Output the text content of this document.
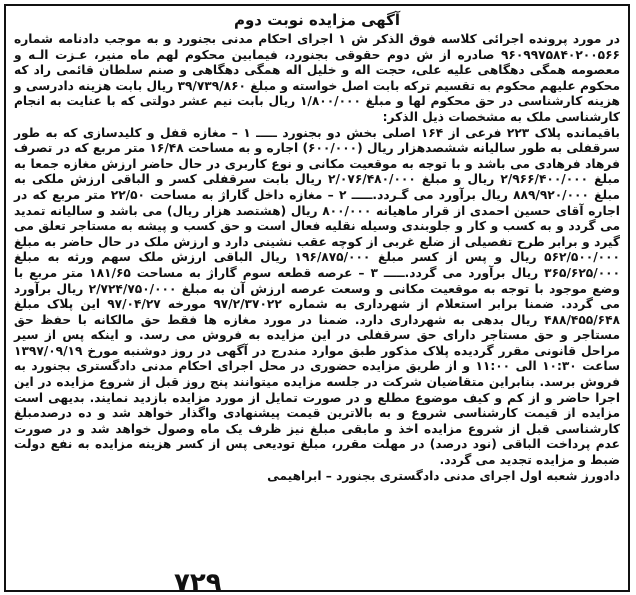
آگهی مزایده نوبت دوم

در مورد پرونده اجرائی کلاسه فوق الذکر ش ۱ اجرای احکام مدنی بجنورد و به موجب دادنامه شماره ۹۶۰۹۹۷۵۸۴۰۲۰۰۵۶۶ صادره از ش دوم حقوقی بجنورد، فیمابین محکوم لهم ماه منیر، عـزت الـه و معصومه همگی دهگاهی علیه علی، حجت اله و خلیل اله همگی دهگاهی و صنم سلطان قائمی راد که محکوم علیهم محکوم به تقسیم ترکه بابت اصل خواسته و مبلغ ۳۹/۷۳۹/۸۶۰ ریال بابت هزینه دادرسی و هزینه کارشناسی در حق محکوم لها و مبلغ ۱/۸۰۰/۰۰۰ ریال بابت نیم عشر دولتی که با عنایت به انجام کارشناسی ملک به مشخصات ذیل الذکر:

باقیمانده پلاک ۲۲۳ فرعی از ۱۶۴ اصلی بخش دو بجنورد ـــــ ۱ – مغازه قفل و کلیدسازی که به طور سرقفلی به طور سالیانه ششصدهزار ریال (۶۰۰/۰۰۰) اجاره و به مساحت ۱۶/۴۸ متر مربع که در تصرف فرهاد فرهادی می باشد و با توجه به موقعیت مکانی و نوع کاربری در حال حاضر ارزش مغازه جمعا به مبلغ ۲/۹۶۶/۴۰۰/۰۰۰ ریال و مبلغ ۲/۰۷۶/۴۸۰/۰۰۰ ریال بابت سرقفلی کسر و الباقی ارزش ملکی به مبلغ ۸۸۹/۹۲۰/۰۰۰ ریال برآورد می گـردد.ـــــ ۲ – مغازه داخل گاراژ به مساحت ۲۲/۵۰ متر مربع که در اجاره آقای حسین احمدی از قرار ماهیانه ۸۰۰/۰۰۰ ریال (هشتصد هزار ریال) می باشد و سالیانه تمدید می گردد و به کسب و کار و جلوبندی وسیله نقلیه فعال است و حق کسب و پیشه به مستاجر تعلق می گیرد و برابر طرح تفصیلی از ضلع غربی از کوچه عقب نشینی دارد و ارزش ملک در حال حاضر به مبلغ ۵۶۲/۵۰۰/۰۰۰ ریال و پس از کسر مبلغ ۱۹۶/۸۷۵/۰۰۰ ریال الباقی ارزش ملک سهم ورثه به مبلغ ۳۶۵/۶۲۵/۰۰۰ ریال برآورد می گردد.ـــــ ۳ – عرصه قطعه سوم گاراژ به مساحت ۱۸۱/۶۵ متر مربع با وضع موجود با توجه به موقعیت مکانی و وسعت عرصه ارزش آن به مبلغ ۲/۷۲۴/۷۵۰/۰۰۰ ریال برآورد می گردد. ضمنا برابر استعلام از شهرداری به شماره ۹۷/۲/۳۷۰۲۲ مورخه ۹۷/۰۴/۲۷ این پلاک مبلغ ۴۸۸/۴۵۵/۶۴۸ ریال بدهی به شهرداری دارد. ضمنا در مورد مغازه ها فقط حق مالکانه با حفظ حق مستاجر و حق مستاجر دارای حق سرقفلی در این مزایده به فروش می رسد. و اینکه پس از سیر مراحل قانونی مقرر گردیده پلاک مذکور طبق موارد مندرج در آگهی در روز دوشنبه مورخ ۱۳۹۷/۰۹/۱۹ ساعت ۱۰:۳۰ الی ۱۱:۰۰ و از طریق مزایده حضوری در محل اجرای احکام مدنی دادگستری بجنورد به فروش برسد. بنابراین متقاضیان شرکت در جلسه مزایده میتوانند پنج روز قبل از شروع مزایده در این اجرا حاضر و از کم و کیف موضوع مطلع و در صورت تمایل از مورد مزایده بازدید نمایند. بدیهی است مزایده از قیمت کارشناسی شروع و به بالاترین قیمت پیشنهادی واگذار خواهد شد و ده درصدمبلغ کارشناسی قبل از شروع مزایده اخذ و مابقی مبلغ نیز ظرف یک ماه وصول خواهد شد و در صورت عدم پرداخت الباقی (نود درصد) در مهلت مقرر، مبلغ تودیعی پس از کسر هزینه مزایده به نفع دولت ضبط و مزایده تجدید می گردد.

دادورز شعبه اول اجرای مدنی دادگستری بجنورد – ابراهیمی
۷۲۹
